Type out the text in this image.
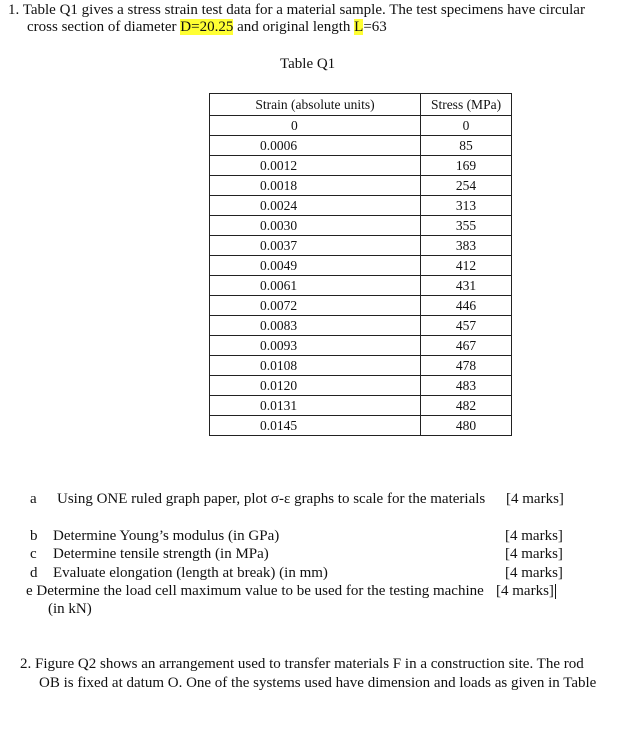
1. Table Q1 gives a stress strain test data for a material sample. The test specimens have circular
cross section of diameter D=20.25 and original length L=63
Table Q1
Strain (absolute units)	Stress (MPa)
0	0
0.0006	85
0.0012	169
0.0018	254
0.0024	313
0.0030	355
0.0037	383
0.0049	412
0.0061	431
0.0072	446
0.0083	457
0.0093	467
0.0108	478
0.0120	483
0.0131	482
0.0145	480
a Using ONE ruled graph paper, plot σ-ε graphs to scale for the materials [4 marks]
b Determine Young’s modulus (in GPa)	[4 marks]
c Determine tensile strength (in MPa)	[4 marks]
d Evaluate elongation (length at break) (in mm)	[4 marks]
e Determine the load cell maximum value to be used for the testing machine [4 marks]
(in kN)
2. Figure Q2 shows an arrangement used to transfer materials F in a construction site. The rod
OB is fixed at datum O. One of the systems used have dimension and loads as given in Table
